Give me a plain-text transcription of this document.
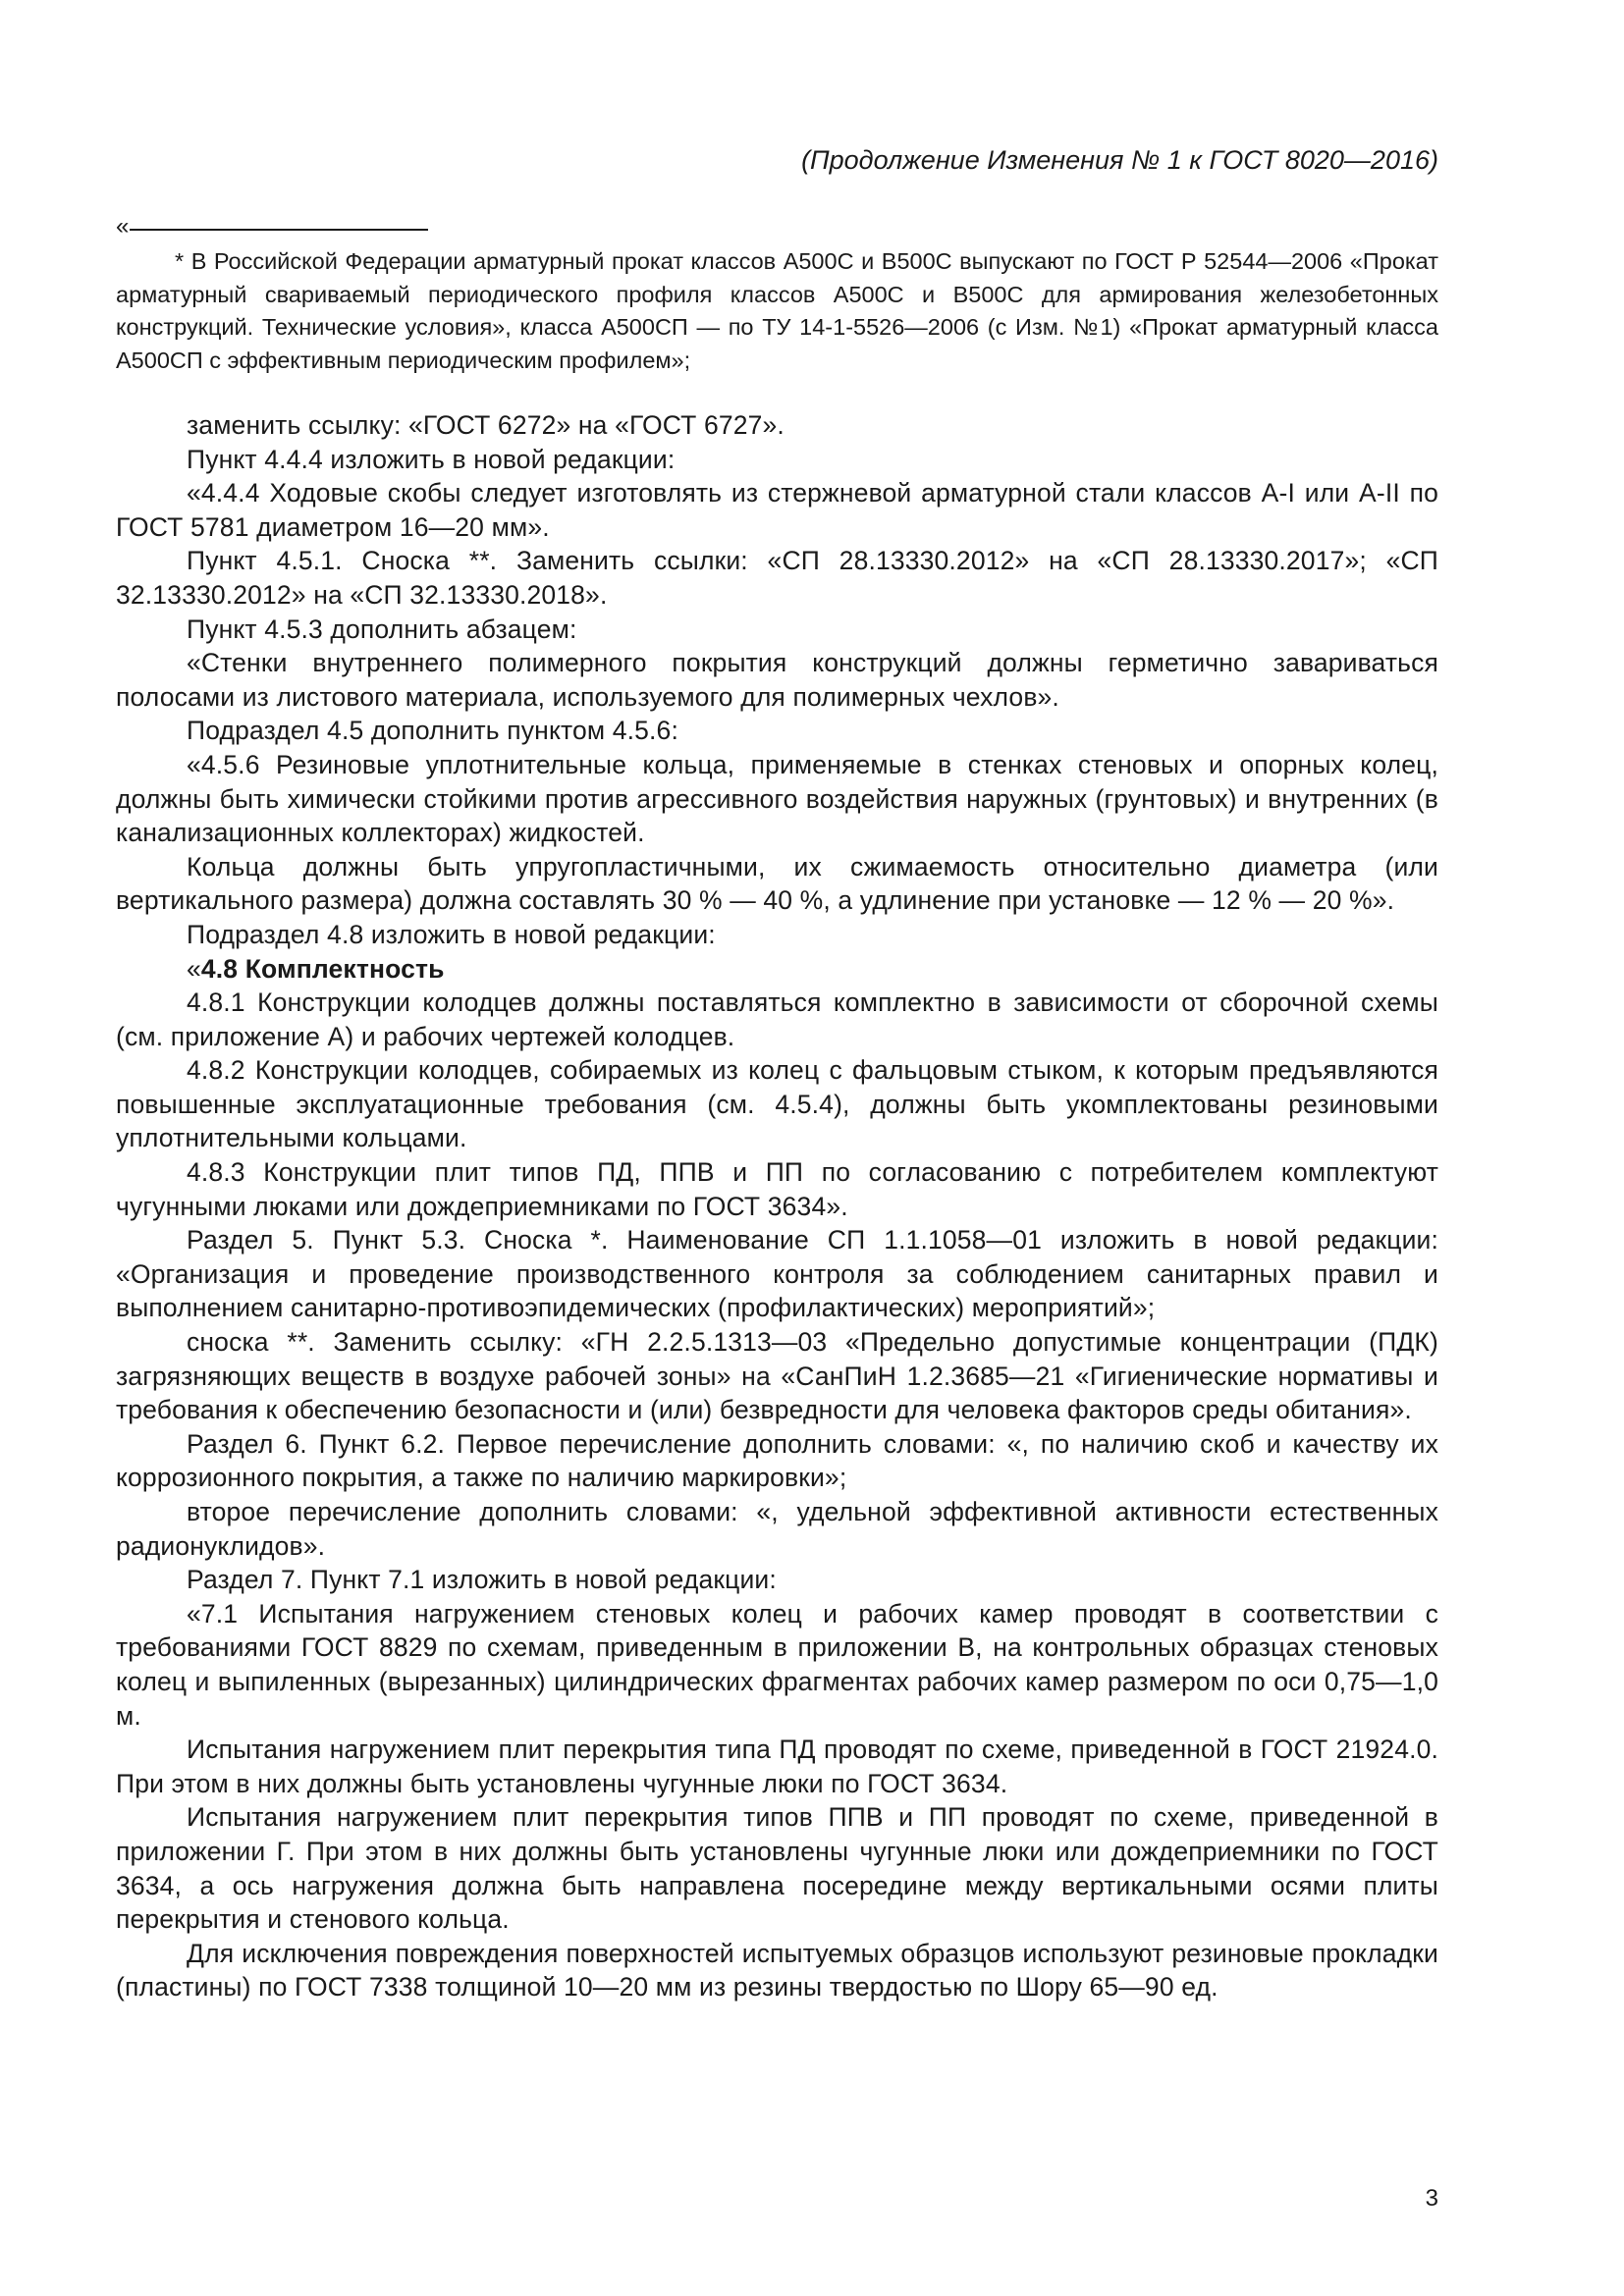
(Продолжение Изменения № 1 к ГОСТ 8020—2016)
«

* В Российской Федерации арматурный прокат классов А500С и В500С выпускают по ГОСТ Р 52544—2006 «Прокат арматурный свариваемый периодического профиля классов А500С и В500С для армирования железобетонных конструкций. Технические условия», класса А500СП — по ТУ 14-1-5526—2006 (с Изм. №1) «Прокат арматурный класса А500СП с эффективным периодическим профилем»;

заменить ссылку: «ГОСТ 6272» на «ГОСТ 6727».

Пункт 4.4.4 изложить в новой редакции:

«4.4.4 Ходовые скобы следует изготовлять из стержневой арматурной стали классов A-I или A-II по ГОСТ 5781 диаметром 16—20 мм».

Пункт 4.5.1. Сноска **. Заменить ссылки: «СП 28.13330.2012» на «СП 28.13330.2017»; «СП 32.13330.2012» на «СП 32.13330.2018».

Пункт 4.5.3 дополнить абзацем:

«Стенки внутреннего полимерного покрытия конструкций должны герметично завариваться полосами из листового материала, используемого для полимерных чехлов».

Подраздел 4.5 дополнить пунктом 4.5.6:

«4.5.6 Резиновые уплотнительные кольца, применяемые в стенках стеновых и опорных колец, должны быть химически стойкими против агрессивного воздействия наружных (грунтовых) и внутренних (в канализационных коллекторах) жидкостей.

Кольца должны быть упругопластичными, их сжимаемость относительно диаметра (или вертикального размера) должна составлять 30 % — 40 %, а удлинение при установке — 12 % — 20 %».

Подраздел 4.8 изложить в новой редакции:

«4.8 Комплектность

4.8.1 Конструкции колодцев должны поставляться комплектно в зависимости от сборочной схемы (см. приложение А) и рабочих чертежей колодцев.

4.8.2 Конструкции колодцев, собираемых из колец с фальцовым стыком, к которым предъявляются повышенные эксплуатационные требования (см. 4.5.4), должны быть укомплектованы резиновыми уплотнительными кольцами.

4.8.3 Конструкции плит типов ПД, ППВ и ПП по согласованию с потребителем комплектуют чугунными люками или дождеприемниками по ГОСТ 3634».

Раздел 5. Пункт 5.3. Сноска *. Наименование СП 1.1.1058—01 изложить в новой редакции: «Организация и проведение производственного контроля за соблюдением санитарных правил и выполнением санитарно-противоэпидемических (профилактических) мероприятий»;

сноска **. Заменить ссылку: «ГН 2.2.5.1313—03 «Предельно допустимые концентрации (ПДК) загрязняющих веществ в воздухе рабочей зоны» на «СанПиН 1.2.3685—21 «Гигиенические нормативы и требования к обеспечению безопасности и (или) безвредности для человека факторов среды обитания».

Раздел 6. Пункт 6.2. Первое перечисление дополнить словами: «, по наличию скоб и качеству их коррозионного покрытия, а также по наличию маркировки»;

второе перечисление дополнить словами: «, удельной эффективной активности естественных радионуклидов».

Раздел 7. Пункт 7.1 изложить в новой редакции:

«7.1 Испытания нагружением стеновых колец и рабочих камер проводят в соответствии с требованиями ГОСТ 8829 по схемам, приведенным в приложении В, на контрольных образцах стеновых колец и выпиленных (вырезанных) цилиндрических фрагментах рабочих камер размером по оси 0,75—1,0 м.

Испытания нагружением плит перекрытия типа ПД проводят по схеме, приведенной в ГОСТ 21924.0. При этом в них должны быть установлены чугунные люки по ГОСТ 3634.

Испытания нагружением плит перекрытия типов ППВ и ПП проводят по схеме, приведенной в приложении Г. При этом в них должны быть установлены чугунные люки или дождеприемники по ГОСТ 3634, а ось нагружения должна быть направлена посередине между вертикальными осями плиты перекрытия и стенового кольца.

Для исключения повреждения поверхностей испытуемых образцов используют резиновые прокладки (пластины) по ГОСТ 7338 толщиной 10—20 мм из резины твердостью по Шору 65—90 ед.

3
